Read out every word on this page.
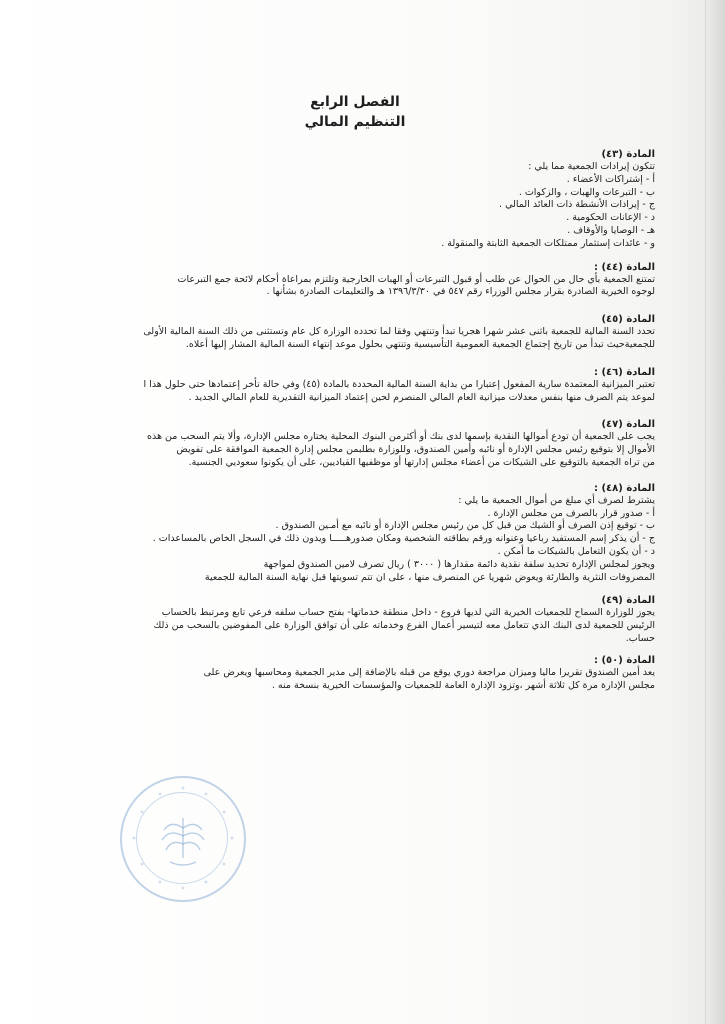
الفصل الرابع
التنظيم المالي

المادة (٤٣)

تتكون إيرادات الجمعية مما يلي :

أ - إشتراكات الأعضاء .

ب - التبرعات والهبات ، والزكوات .

ج - إيرادات الأنشطة ذات العائد المالي .

د - الإعانات الحكومية .

هـ - الوصايا والأوقاف .

و - عائدات إستثمار ممتلكات الجمعية الثابتة والمنقولة .

المادة (٤٤) :

تمتنع الجمعية بأي حال من الحوال عن طلب أو قبول التبرعات أو الهبات الخارجية وتلتزم بمراعاة أحكام لائحة جمع التبرعات

لوجوه الخيرية الصادرة بقرار مجلس الوزراء رقم ٥٤٧ في ١٣٩٦/٣/٣٠ هـ والتعليمات الصادرة بشأنها .

المادة (٤٥)

تحدد السنة المالية للجمعية باثنى عشر شهرا هجريا تبدأ وتنتهي وفقا لما تحدده الوزارة كل عام وتستثنى من ذلك السنة المالية الأولى

للجمعيةحيث تبدأ من تاريخ إجتماع الجمعية العمومية التأسيسية وتنتهي بحلول موعد إنتهاء السنة المالية المشار إليها أعلاه.

المادة (٤٦) :

تعتبر الميزانية المعتمدة سارية المفعول إعتبارا من بداية السنة المالية المحددة بالمادة (٤٥) وفي حالة تأخر إعتمادها حتى حلول هذا ا

لموعد يتم الصرف منها بنفس معدلات ميزانية العام المالي المنصرم لحين إعتماد الميزانية التقديرية للعام المالي الجديد .

المادة (٤٧)

يجب على الجمعية أن تودع أموالها النقدية بإسمها لدى بنك أو أكثرمن البنوك المحلية يختاره مجلس الإدارة، وألا يتم السحب من هذه

الأموال إلا بتوقيع رئيس مجلس الإدارة أو نائبه وأمين الصندوق، وللوزارة بطلبمن مجلس إدارة الجمعية الموافقة على تفويض

من تراه الجمعية بالتوقيع على الشيكات من أعضاء مجلس إدارتها أو موظفيها القياديين، على أن يكونوا سعوديي الجنسية.

المادة (٤٨) :

يشترط لصرف أي مبلغ من أموال الجمعية ما يلي :

أ - صدور قرار بالصرف من مجلس الإدارة .

ب - توقيع إذن الصرف أو الشيك من قبل كل من رئيس مجلس الإدارة أو نائبه مع أمـين الصندوق .

ج - أن يذكر إسم المستفيد رباعيا وعنوانه ورقم بطاقته الشخصية ومكان صدورهـــــا ويدون ذلك في السجل الخاص بالمساعدات .

د - أن يكون التعامل بالشيكات ما أمكن .

ويجوز لمجلس الإدارة تحديد سلفة نقدية دائمة مقدارها ( ٣٠٠٠ ) ريال تصرف لامين الصندوق لمواجهة

المصروفات النثرية والطارئة ويعوض شهريا عن المنصرف منها ، على ان تتم تسويتها قبل نهاية السنة المالية للجمعية

المادة (٤٩)

يجوز للوزارة السماح للجمعيات الخيرية التي لديها فروع - داخل منطقة خدماتها- بفتح حساب سلفه فرعي تابع ومرتبط بالحساب

الرئيس للجمعية لدى البنك الذي تتعامل معه لتيسير أعمال الفرع وخدماته على أن توافق الوزارة على المفوضين بالسحب من ذلك

حساب.

المادة (٥٠) :

يعد أمين الصندوق تقريرا ماليا وميزان مراجعة دوري يوقع من قبله بالإضافة إلى مدير الجمعية ومحاسبها ويعرض على

مجلس الإدارة مرة كل ثلاثة أشهر ،وتزود الإدارة العامة للجمعيات والمؤسسات الخيرية بنسخة منه .
